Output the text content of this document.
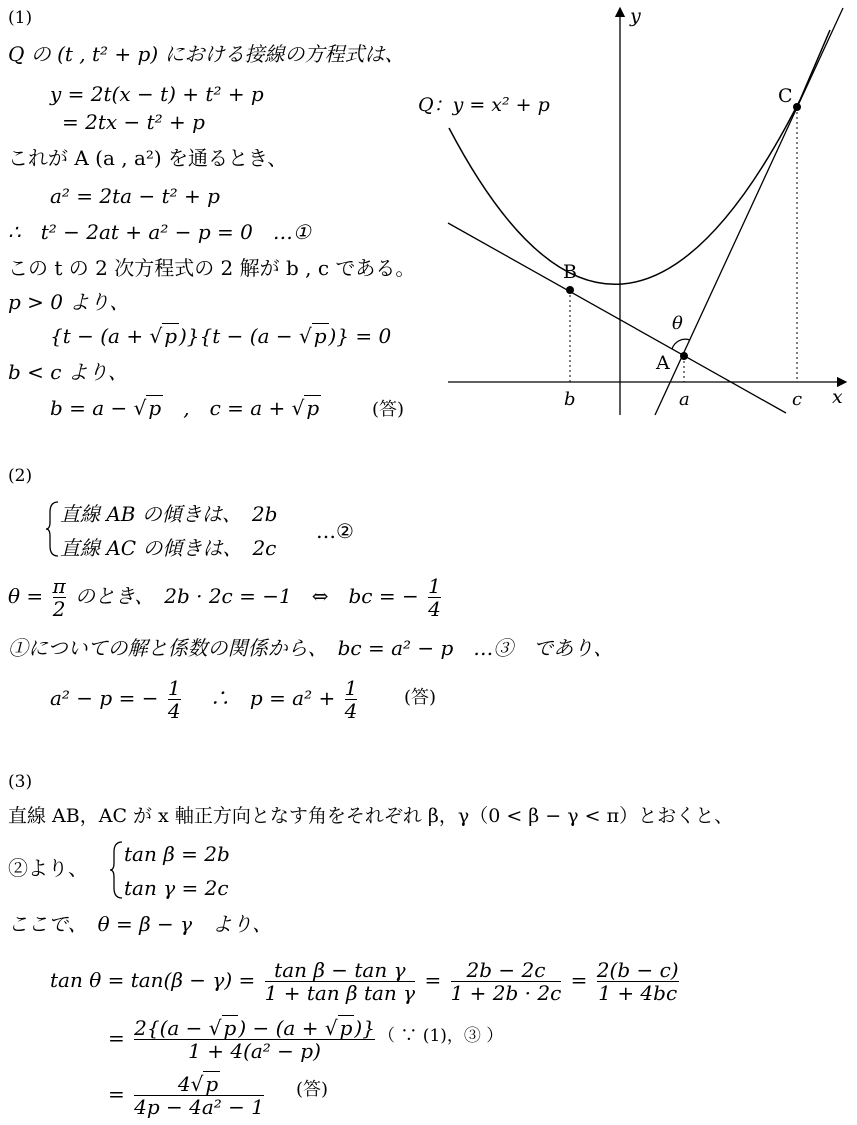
(1)
Q の (t , t² + p) における接線の方程式は、
y = 2t(x − t) + t² + p
= 2tx − t² + p
これが A (a , a²) を通るとき、
a² = 2ta − t² + p
∴　t² − 2at + a² − p = 0　…①
この t の 2 次方程式の 2 解が b , c である。
p > 0 より、
{t − (a + √ p )}{t − (a − √ p )} = 0
b < c より、
b = a − √ p　,　c = a + √ p	(答)
Q：y = x² + p
y
x
B
C
A
θ
b	a	c
(2)
直線 AB の傾きは、　2b
直線 AC の傾きは、　2c
…②
$\theta = \frac{\pi}{2}$ のとき、　2b · 2c = −1　⇔　bc = − $\frac{1}{4}$
①についての解と係数の関係から、　bc = a² − p　…③　であり、
a² − p = − $\frac{1}{4}$ 　∴　$p = a^2 + \frac{1}{4}$	(答)
(3)
直線 AB，AC が x 軸正方向となす角をそれぞれ β，γ（0 < β − γ < π）とおくと、
②より、
tan β = 2b
tan γ = 2c
ここで、　θ = β − γ　より、
$\tan \theta = \tan(\beta - \gamma) = \frac{\text{tan β − tan γ}}{\text{1 + tan β tan γ}} = \frac{2b - 2c}{1 + 2b \cdot 2c} = \frac{2(b - c)}{1 + 4bc}$
= $\frac{2\{(a - √ p ) - (a + √ p )\}}{\text{1 + 4(a² − p)}}$ （ ∵ (1)，③ ）
= $\frac{4√ p}{\text{4p − 4a² − 1}}$ (答)
